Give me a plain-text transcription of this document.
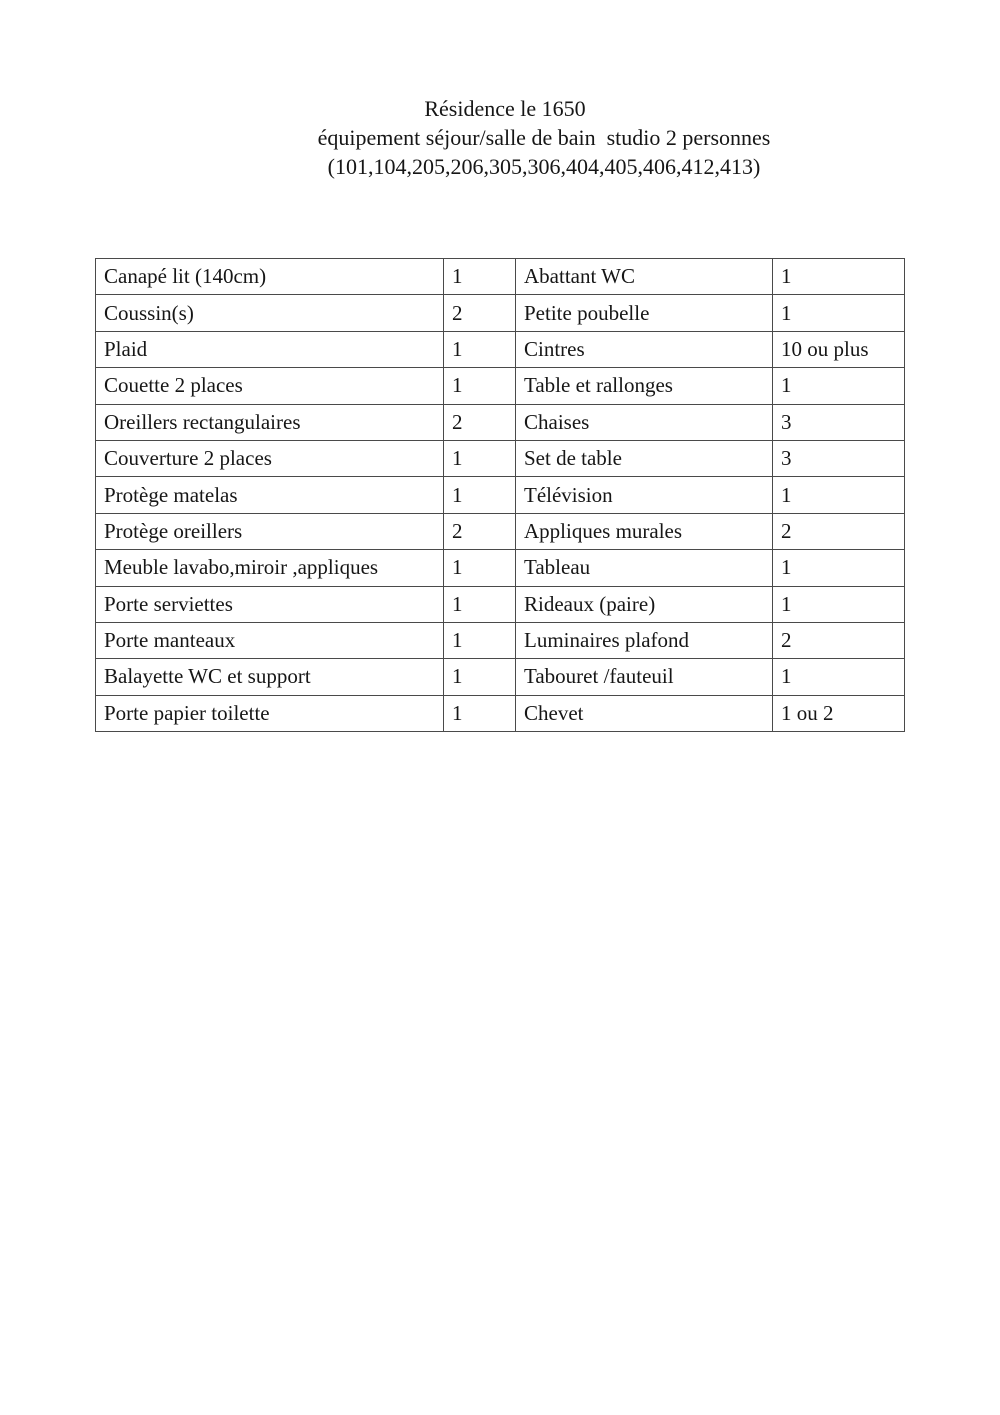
Résidence le 1650
équipement séjour/salle de bain  studio 2 personnes
(101,104,205,206,305,306,404,405,406,412,413)
Canapé lit (140cm)	1	Abattant WC	1
Coussin(s)	2	Petite poubelle	1
Plaid	1	Cintres	10 ou plus
Couette 2 places	1	Table et rallonges	1
Oreillers rectangulaires	2	Chaises	3
Couverture 2 places	1	Set de table	3
Protège matelas	1	Télévision	1
Protège oreillers	2	Appliques murales	2
Meuble lavabo,miroir ,appliques	1	Tableau	1
Porte serviettes	1	Rideaux (paire)	1
Porte manteaux	1	Luminaires plafond	2
Balayette WC et support	1	Tabouret /fauteuil	1
Porte papier toilette	1	Chevet	1 ou 2
